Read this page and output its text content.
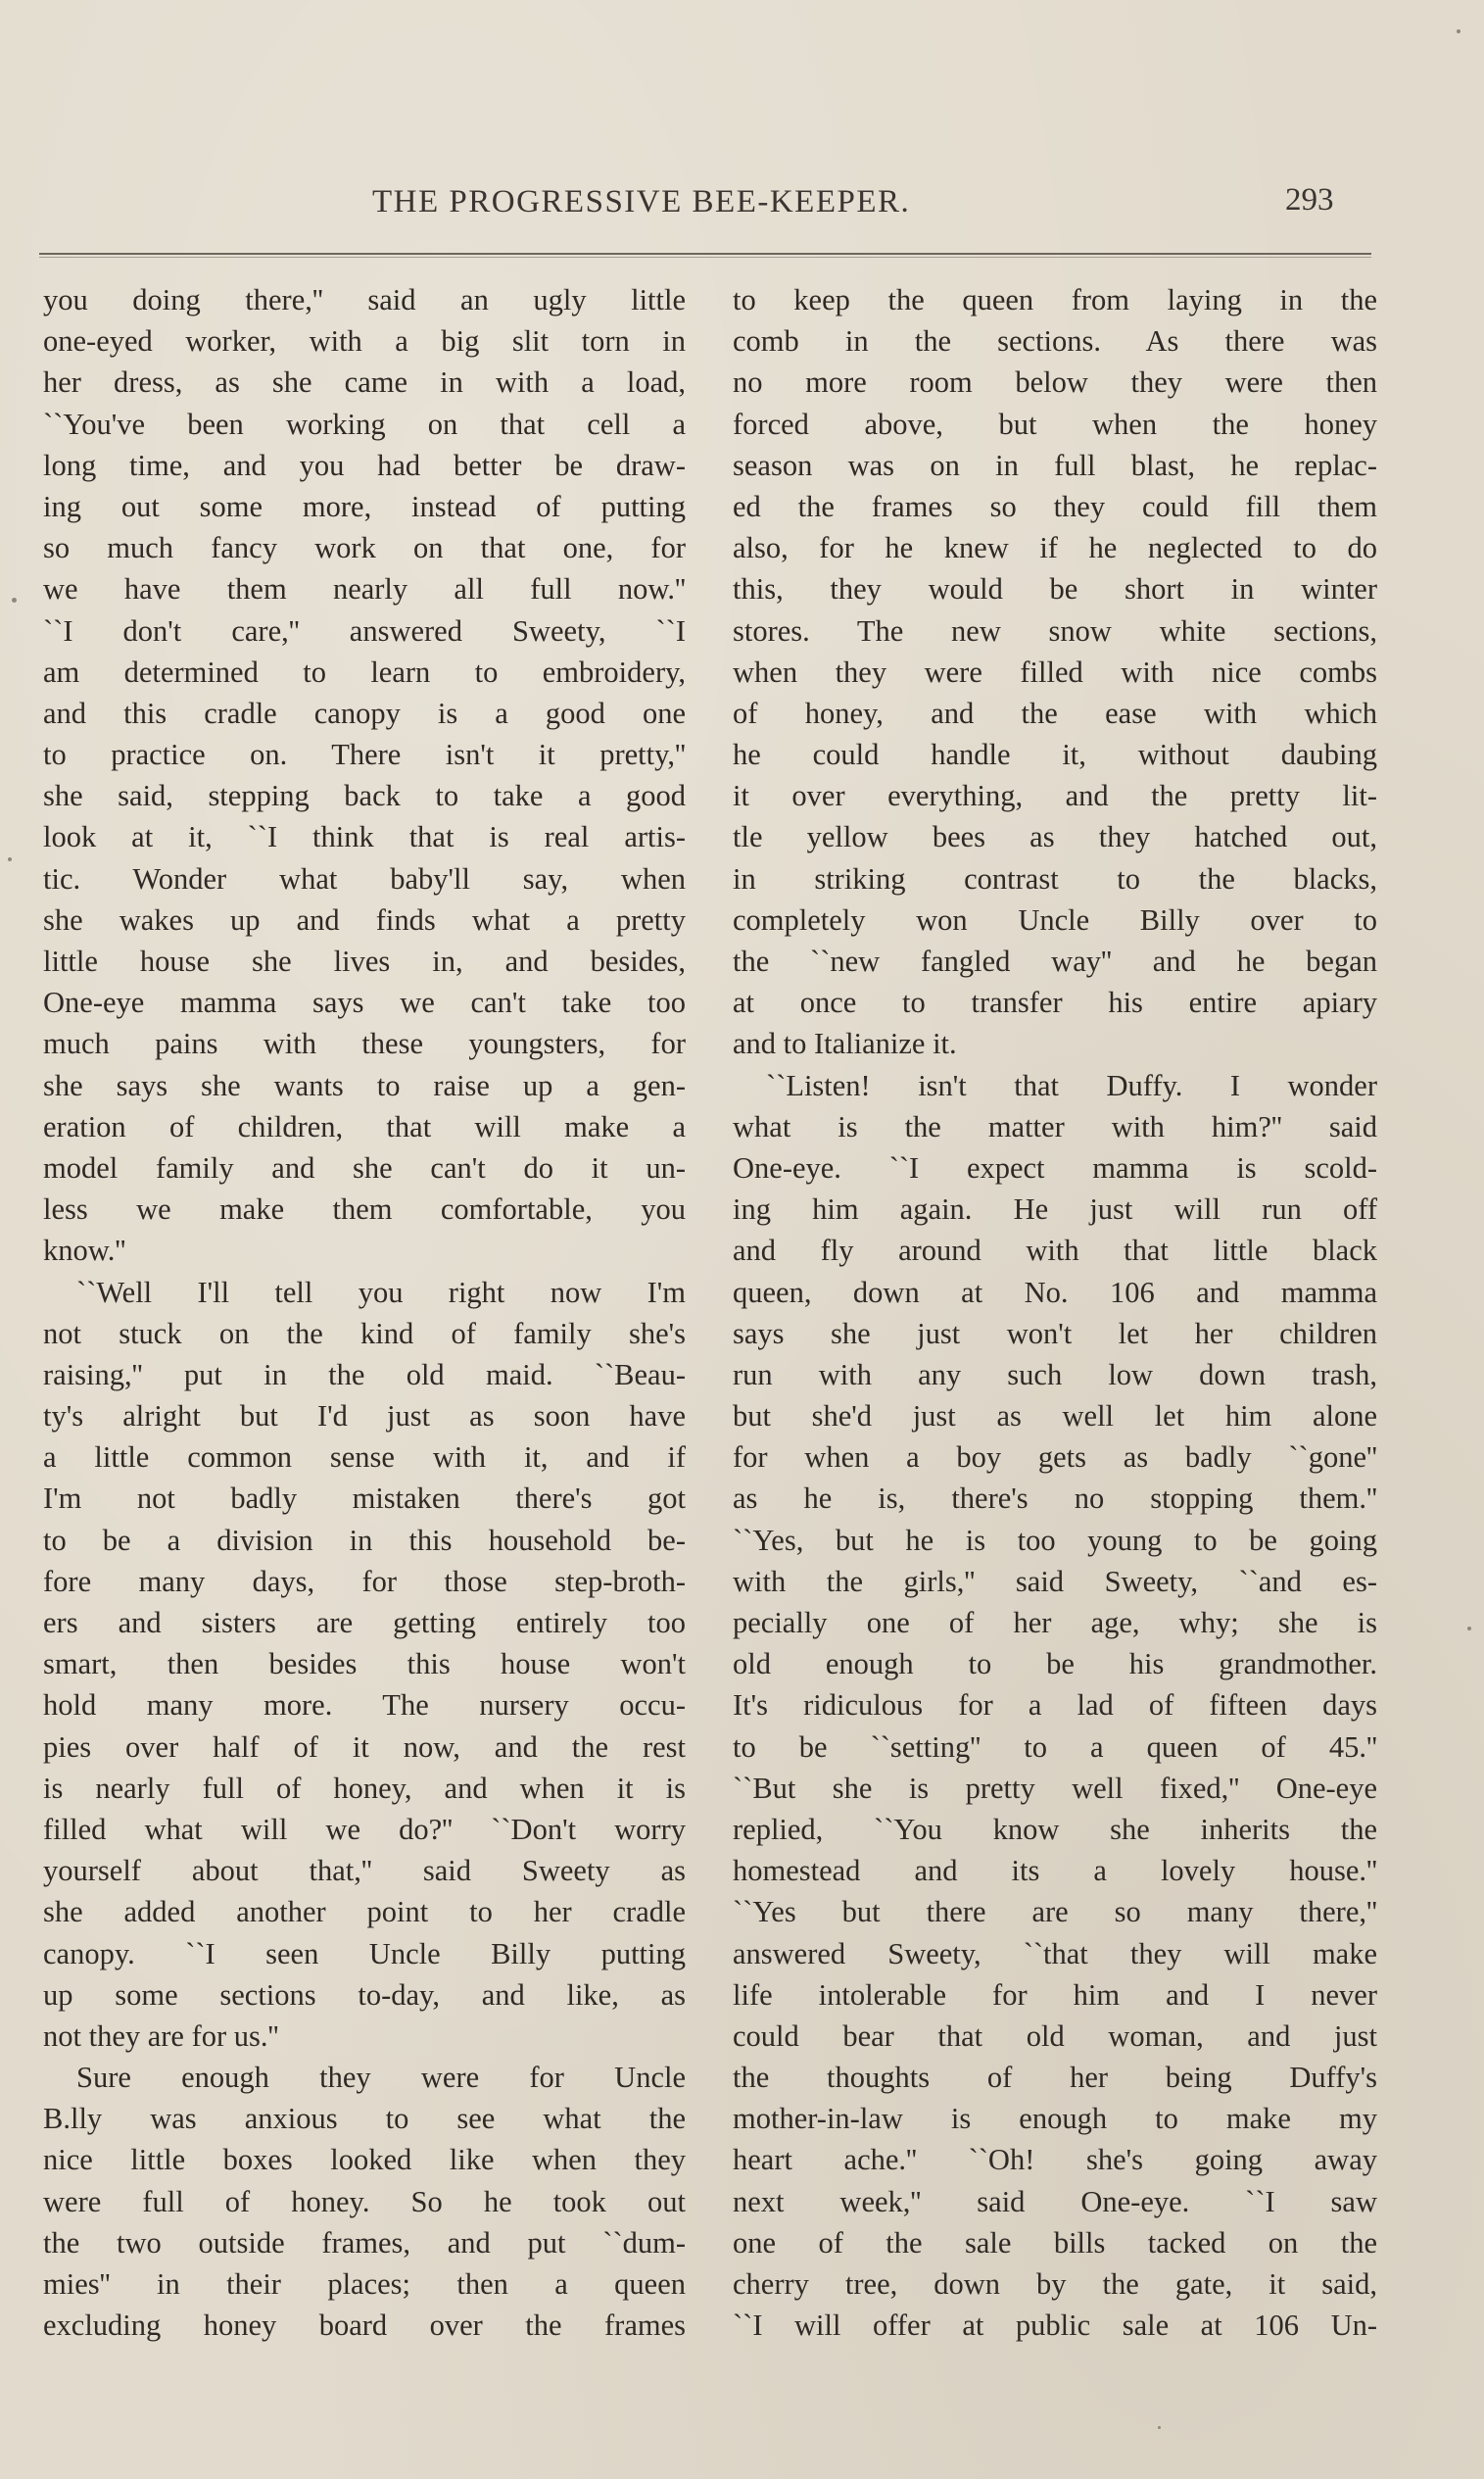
THE PROGRESSIVE BEE-KEEPER.	293
you doing there,'' said an ugly little
one-eyed worker, with a big slit torn in
her dress, as she came in with a load,
``You've been working on that cell a
long time, and you had better be draw-
ing out some more, instead of putting
so much fancy work on that one, for
we have them nearly all full now.''
``I don't care,'' answered Sweety, ``I
am determined to learn to embroidery,
and this cradle canopy is a good one
to practice on. There isn't it pretty,''
she said, stepping back to take a good
look at it, ``I think that is real artis-
tic. Wonder what baby'll say, when
she wakes up and finds what a pretty
little house she lives in, and besides,
One-eye mamma says we can't take too
much pains with these youngsters, for
she says she wants to raise up a gen-
eration of children, that will make a
model family and she can't do it un-
less we make them comfortable, you
know.''
``Well I'll tell you right now I'm
not stuck on the kind of family she's
raising,'' put in the old maid. ``Beau-
ty's alright but I'd just as soon have
a little common sense with it, and if
I'm not badly mistaken there's got
to be a division in this household be-
fore many days, for those step-broth-
ers and sisters are getting entirely too
smart, then besides this house won't
hold many more. The nursery occu-
pies over half of it now, and the rest
is nearly full of honey, and when it is
filled what will we do?'' ``Don't worry
yourself about that,'' said Sweety as
she added another point to her cradle
canopy. ``I seen Uncle Billy putting
up some sections to-day, and like, as
not they are for us.''
Sure enough they were for Uncle
B.lly was anxious to see what the
nice little boxes looked like when they
were full of honey. So he took out
the two outside frames, and put ``dum-
mies'' in their places; then a queen
excluding honey board over the frames
to keep the queen from laying in the
comb in the sections. As there was
no more room below they were then
forced above, but when the honey
season was on in full blast, he replac-
ed the frames so they could fill them
also, for he knew if he neglected to do
this, they would be short in winter
stores. The new snow white sections,
when they were filled with nice combs
of honey, and the ease with which
he could handle it, without daubing
it over everything, and the pretty lit-
tle yellow bees as they hatched out,
in striking contrast to the blacks,
completely won Uncle Billy over to
the ``new fangled way'' and he began
at once to transfer his entire apiary
and to Italianize it.
``Listen! isn't that Duffy. I wonder
what is the matter with him?'' said
One-eye. ``I expect mamma is scold-
ing him again. He just will run off
and fly around with that little black
queen, down at No. 106 and mamma
says she just won't let her children
run with any such low down trash,
but she'd just as well let him alone
for when a boy gets as badly ``gone''
as he is, there's no stopping them.''
``Yes, but he is too young to be going
with the girls,'' said Sweety, ``and es-
pecially one of her age, why; she is
old enough to be his grandmother.
It's ridiculous for a lad of fifteen days
to be ``setting'' to a queen of 45.''
``But she is pretty well fixed,'' One-eye
replied, ``You know she inherits the
homestead and its a lovely house.''
``Yes but there are so many there,''
answered Sweety, ``that they will make
life intolerable for him and I never
could bear that old woman, and just
the thoughts of her being Duffy's
mother-in-law is enough to make my
heart ache.'' ``Oh! she's going away
next week,'' said One-eye. ``I saw
one of the sale bills tacked on the
cherry tree, down by the gate, it said,
``I will offer at public sale at 106 Un-
